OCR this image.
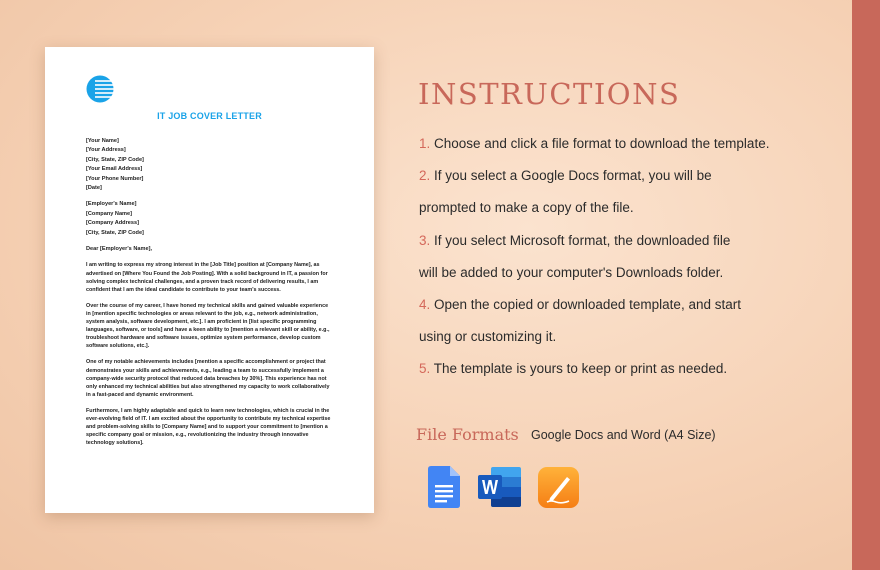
IT JOB COVER LETTER
[Your Name]
[Your Address]
[City, State, ZIP Code]
[Your Email Address]
[Your Phone Number]
[Date]
[Employer's Name]
[Company Name]
[Company Address]
[City, State, ZIP Code]
Dear [Employer's Name],

I am writing to express my strong interest in the [Job Title] position at [Company Name], as advertised on [Where You Found the Job Posting]. With a solid background in IT, a passion for solving complex technical challenges, and a proven track record of delivering results, I am confident that I am the ideal candidate to contribute to your team's success.

Over the course of my career, I have honed my technical skills and gained valuable experience in [mention specific technologies or areas relevant to the job, e.g., network administration, system analysis, software development, etc.]. I am proficient in [list specific programming languages, software, or tools] and have a keen ability to [mention a relevant skill or ability, e.g., troubleshoot hardware and software issues, optimize system performance, develop custom software solutions, etc.].

One of my notable achievements includes [mention a specific accomplishment or project that demonstrates your skills and achievements, e.g., leading a team to successfully implement a company-wide security protocol that reduced data breaches by 30%]. This experience has not only enhanced my technical abilities but also strengthened my capacity to work collaboratively in a fast-paced and dynamic environment.

Furthermore, I am highly adaptable and quick to learn new technologies, which is crucial in the ever-evolving field of IT. I am excited about the opportunity to contribute my technical expertise and problem-solving skills to [Company Name] and to support your commitment to [mention a specific company goal or mission, e.g., revolutionizing the industry through innovative technology solutions].

INSTRUCTIONS
1. Choose and click a file format to download the template.
2. If you select a Google Docs format, you will be
prompted to make a copy of the file.
3. If you select Microsoft format, the downloaded file
will be added to your computer's Downloads folder.
4. Open the copied or downloaded template, and start
using or customizing it.
5. The template is yours to keep or print as needed.
File Formats Google Docs and Word (A4 Size)
